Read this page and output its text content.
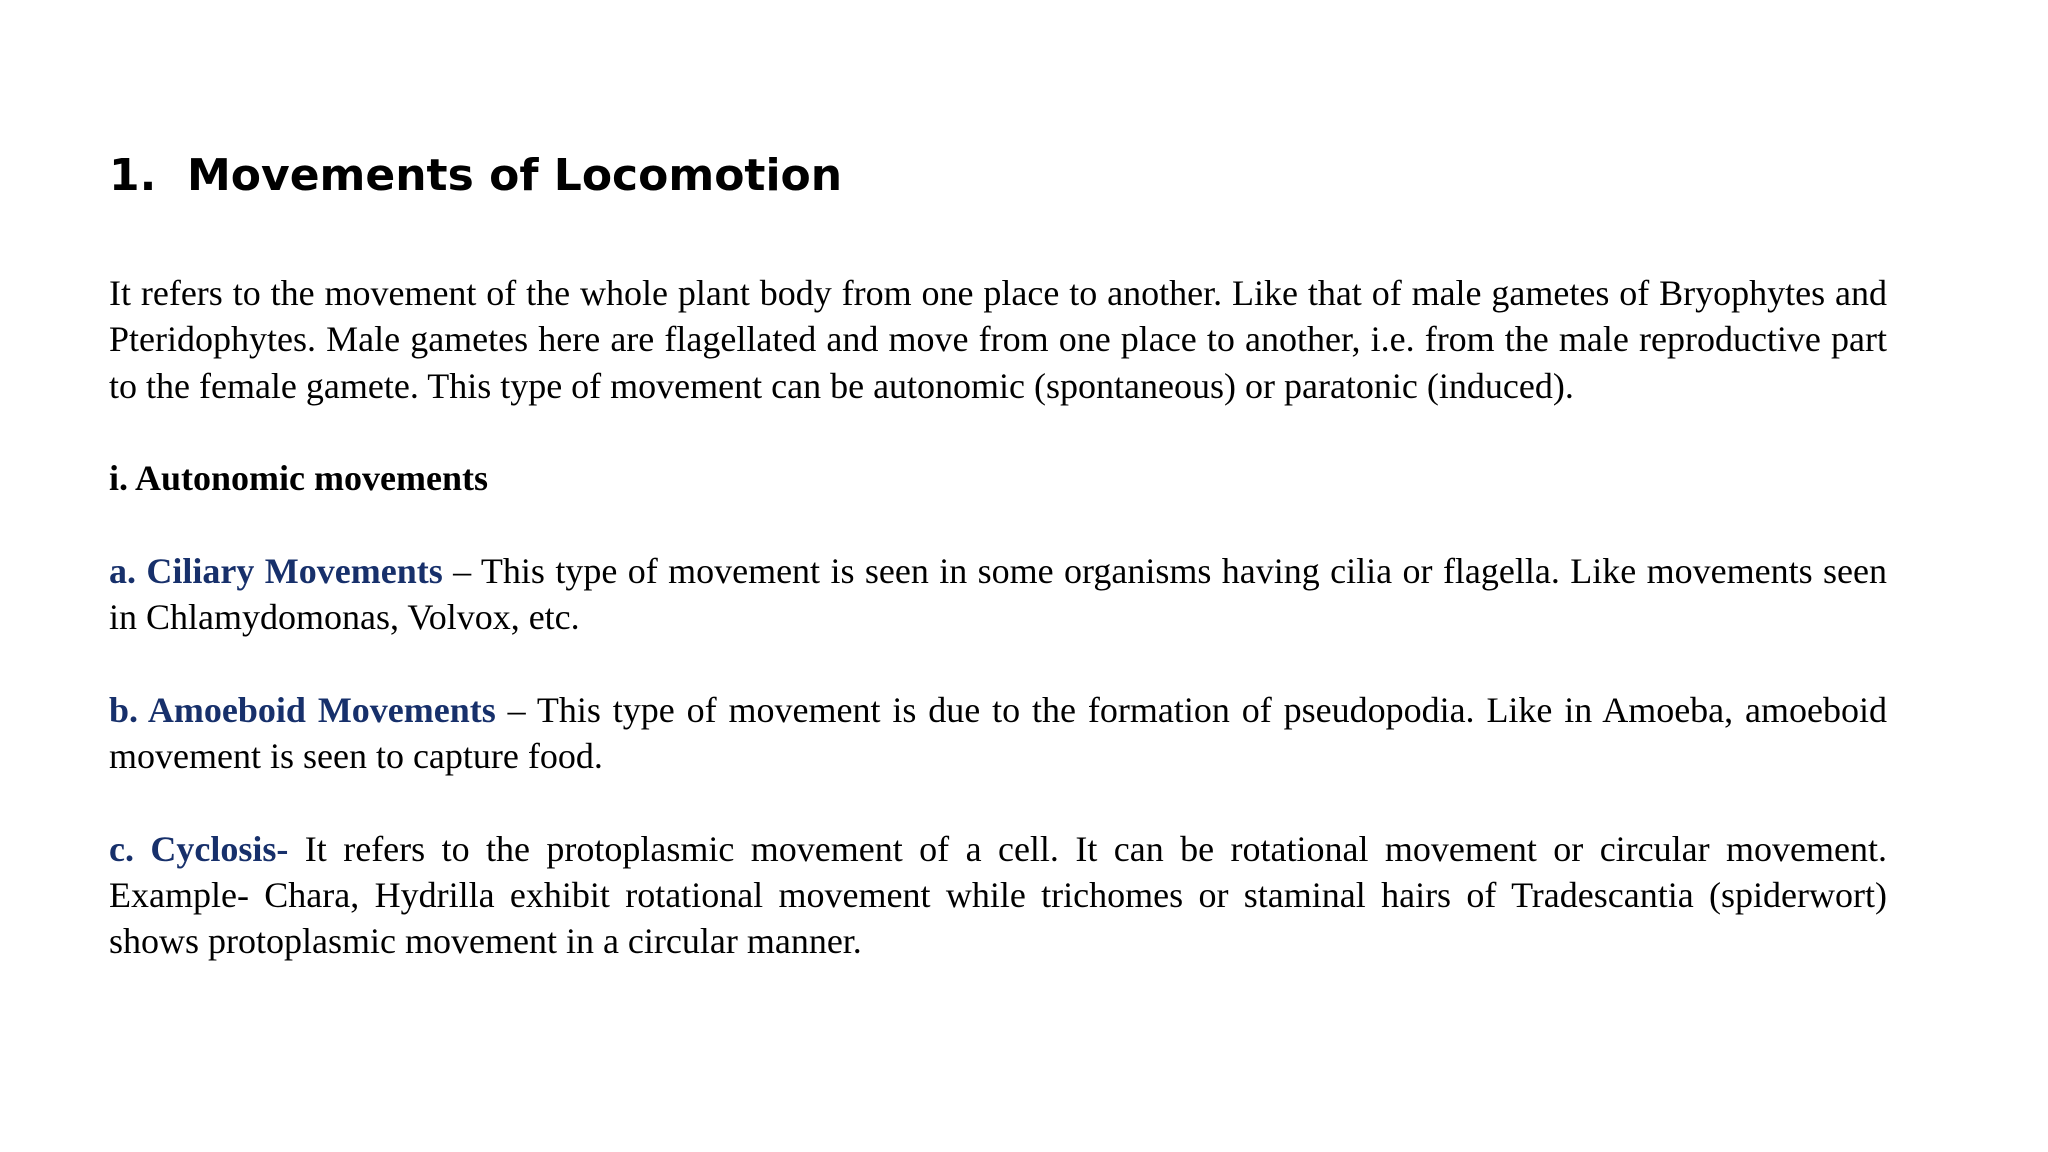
1. Movements of Locomotion

It refers to the movement of the whole plant body from one place to another. Like that of male gametes of Bryophytes and Pteridophytes. Male gametes here are flagellated and move from one place to another, i.e. from the male reproductive part to the female gamete. This type of movement can be autonomic (spontaneous) or paratonic (induced).

i. Autonomic movements

a. Ciliary Movements – This type of movement is seen in some organisms having cilia or flagella. Like movements seen in Chlamydomonas, Volvox, etc.

b. Amoeboid Movements – This type of movement is due to the formation of pseudopodia. Like in Amoeba, amoeboid movement is seen to capture food.

c. Cyclosis- It refers to the protoplasmic movement of a cell. It can be rotational movement or circular movement. Example- Chara, Hydrilla exhibit rotational movement while trichomes or staminal hairs of Tradescantia (spiderwort) shows protoplasmic movement in a circular manner.
